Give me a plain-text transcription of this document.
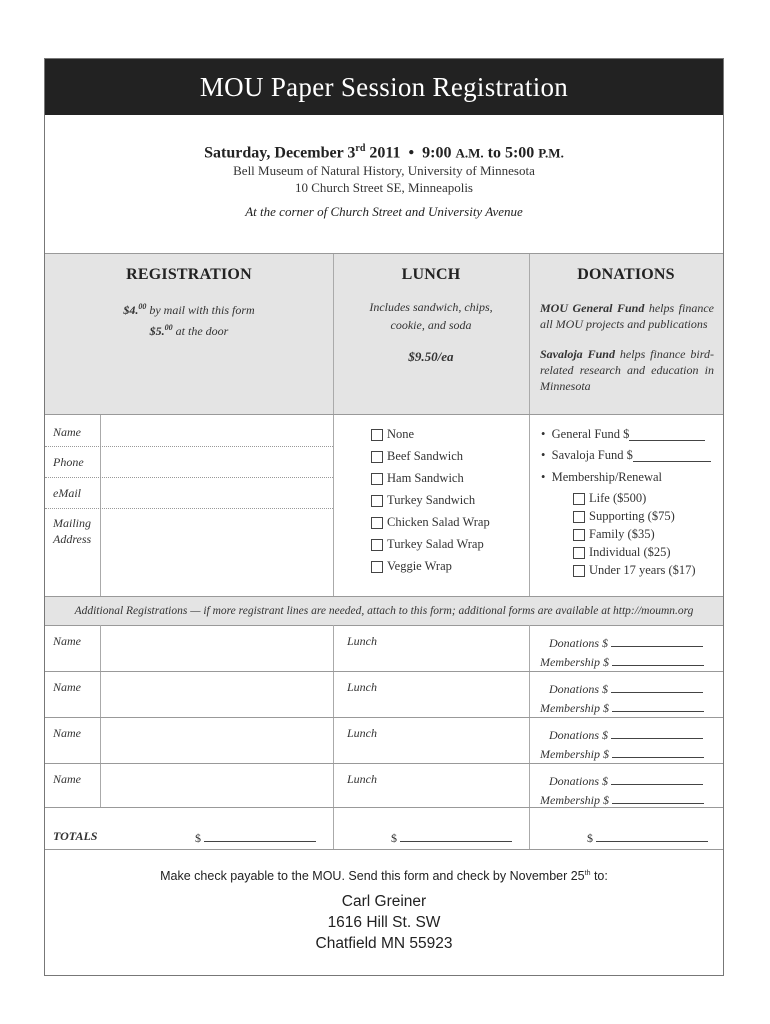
MOU Paper Session Registration
Saturday, December 3rd 2011 • 9:00 A.M. to 5:00 P.M.
Bell Museum of Natural History, University of Minnesota
10 Church Street SE, Minneapolis
At the corner of Church Street and University Avenue
REGISTRATION	LUNCH	DONATIONS
$4.00 by mail with this form
$5.00 at the door
Includes sandwich, chips,
cookie, and soda
$9.50/ea
MOU General Fund helps finance all MOU projects and publications
Savaloja Fund helps finance bird-related research and education in Minnesota
Name
Phone
eMail
Mailing
Address
None
Beef Sandwich
Ham Sandwich
Turkey Sandwich
Chicken Salad Wrap
Turkey Salad Wrap
Veggie Wrap
• General Fund $
• Savaloja Fund $
• Membership/Renewal
Life ($500)
Supporting ($75)
Family ($35)
Individual ($25)
Under 17 years ($17)
Additional Registrations — if more registrant lines are needed, attach to this form; additional forms are available at http://moumn.org
Name	Lunch	Donations $
Membership $
Name	Lunch	Donations $
Membership $
Name	Lunch	Donations $
Membership $
Name	Lunch	Donations $
Membership $
TOTALS	$	$	$
Make check payable to the MOU. Send this form and check by November 25th to:
Carl Greiner
1616 Hill St. SW
Chatfield MN 55923
